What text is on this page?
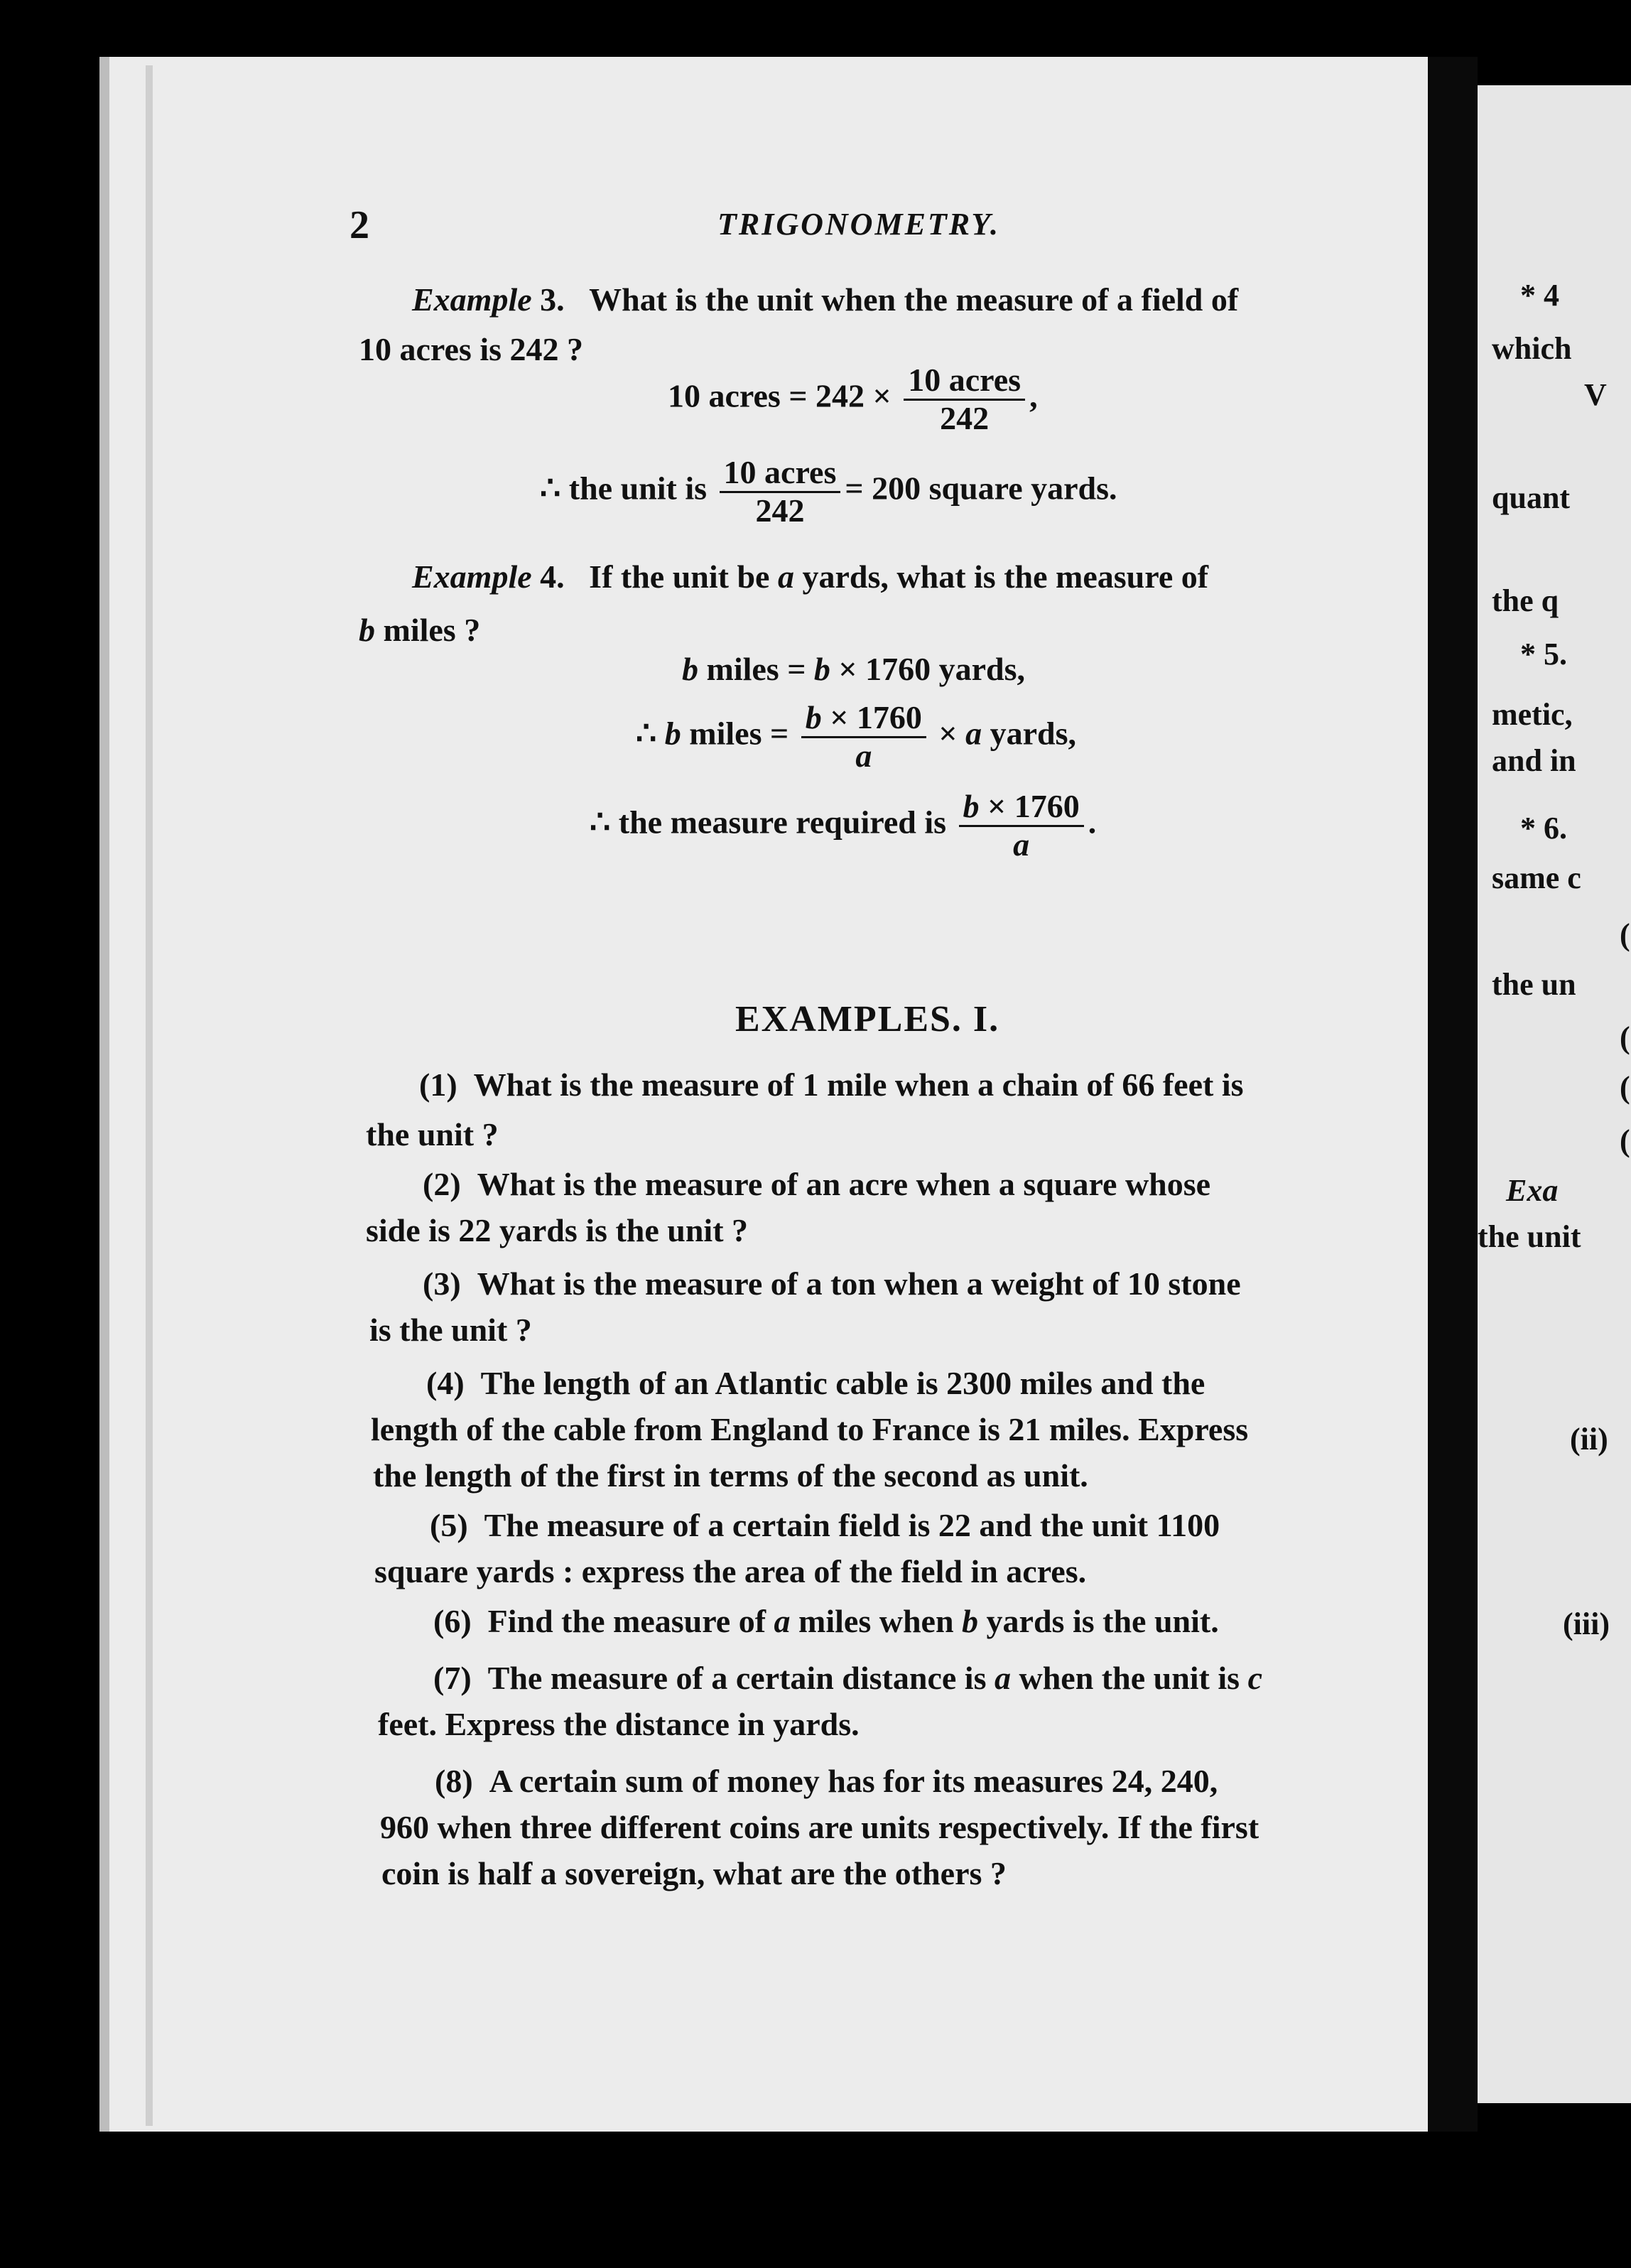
* 4
which
V
quant
the q
* 5.
metic,
and in
* 6.
same c
(
the un
(
(
(
Exa
the unit
(ii)
(iii)
2	TRIGONOMETRY.
Example 3. What is the unit when the measure of a field of
10 acres is 242 ?
10 acres = $242 \times \frac{\text{10 acres}}{242}$ ,
∴ the unit is $\frac{\text{10 acres}}{242} = 200$ square yards.
Example 4. If the unit be a yards, what is the measure of
b miles ?
b miles = b × 1760 yards,
∴ b miles = $\frac{b \times 1760}{a} \times a$ yards,
∴ the measure required is $\frac{b \times 1760}{a}$ .
EXAMPLES. I.
(1) What is the measure of 1 mile when a chain of 66 feet is
the unit ?
(2) What is the measure of an acre when a square whose
side is 22 yards is the unit ?
(3) What is the measure of a ton when a weight of 10 stone
is the unit ?
(4) The length of an Atlantic cable is 2300 miles and the
length of the cable from England to France is 21 miles. Express
the length of the first in terms of the second as unit.
(5) The measure of a certain field is 22 and the unit 1100
square yards : express the area of the field in acres.
(6) Find the measure of a miles when b yards is the unit.
(7) The measure of a certain distance is a when the unit is c
feet. Express the distance in yards.
(8) A certain sum of money has for its measures 24, 240,
960 when three different coins are units respectively. If the first
coin is half a sovereign, what are the others ?
